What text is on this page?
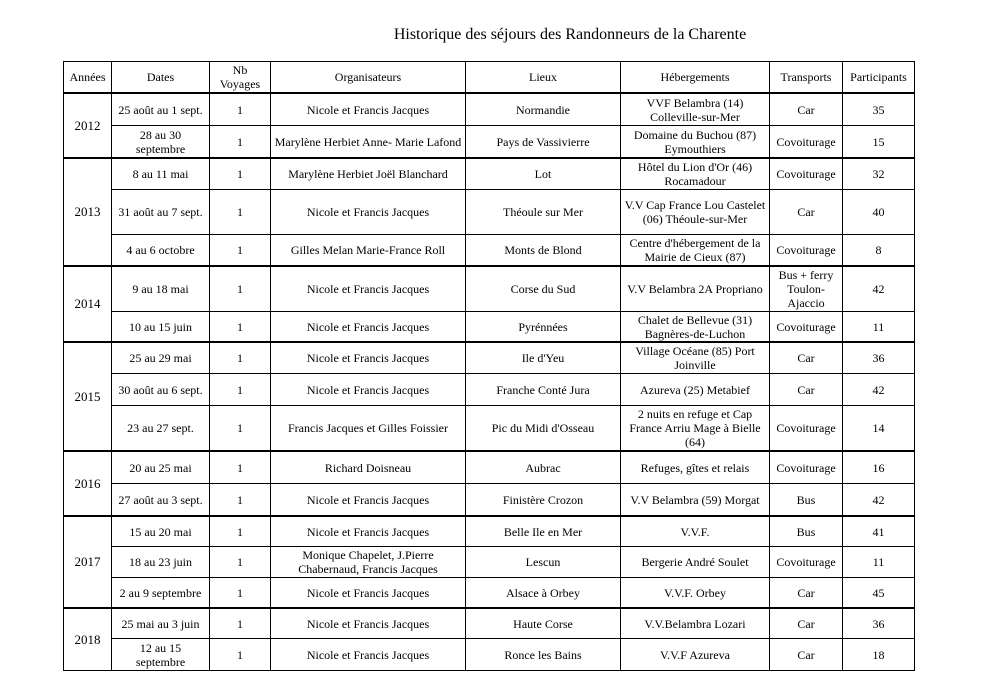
Historique des séjours des Randonneurs de la Charente
Années	Dates	Nb Voyages	Organisateurs	Lieux	Hébergements	Transports	Participants
2012	25 août au 1 sept.	1	Nicole et Francis Jacques	Normandie	VVF Belambra (14) Colleville-sur-Mer	Car	35
	28 au 30 septembre	1	Marylène Herbiet Anne- Marie Lafond	Pays de Vassivierre	Domaine du Buchou (87) Eymouthiers	Covoiturage	15
2013	8 au 11 mai	1	Marylène Herbiet Joël Blanchard	Lot	Hôtel du Lion d'Or (46) Rocamadour	Covoiturage	32
	31 août au 7 sept.	1	Nicole et Francis Jacques	Théoule sur Mer	V.V Cap France Lou Castelet (06) Théoule-sur-Mer	Car	40
	4 au 6 octobre	1	Gilles Melan Marie-France Roll	Monts de Blond	Centre d'hébergement de la Mairie de Cieux (87)	Covoiturage	8
2014	9 au 18 mai	1	Nicole et Francis Jacques	Corse du Sud	V.V Belambra 2A Propriano	Bus + ferry Toulon-Ajaccio	42
	10 au 15 juin	1	Nicole et Francis Jacques	Pyrénnées	Chalet de Bellevue (31) Bagnères-de-Luchon	Covoiturage	11
2015	25 au 29 mai	1	Nicole et Francis Jacques	Ile d'Yeu	Village Océane (85) Port Joinville	Car	36
	30 août au 6 sept.	1	Nicole et Francis Jacques	Franche Conté Jura	Azureva (25) Metabief	Car	42
	23 au 27 sept.	1	Francis Jacques et Gilles Foissier	Pic du Midi d'Osseau	2 nuits en refuge et Cap France Arriu Mage à Bielle (64)	Covoiturage	14
2016	20 au 25 mai	1	Richard Doisneau	Aubrac	Refuges, gîtes et relais	Covoiturage	16
	27 août au 3 sept.	1	Nicole et Francis Jacques	Finistère Crozon	V.V Belambra (59) Morgat	Bus	42
2017	15 au 20 mai	1	Nicole et Francis Jacques	Belle Ile en Mer	V.V.F.	Bus	41
	18 au 23 juin	1	Monique Chapelet, J.Pierre Chabernaud, Francis Jacques	Lescun	Bergerie André Soulet	Covoiturage	11
	2 au 9 septembre	1	Nicole et Francis Jacques	Alsace à Orbey	V.V.F. Orbey	Car	45
2018	25 mai au 3 juin	1	Nicole et Francis Jacques	Haute Corse	V.V.Belambra Lozari	Car	36
	12 au 15 septembre	1	Nicole et Francis Jacques	Ronce les Bains	V.V.F Azureva	Car	18
